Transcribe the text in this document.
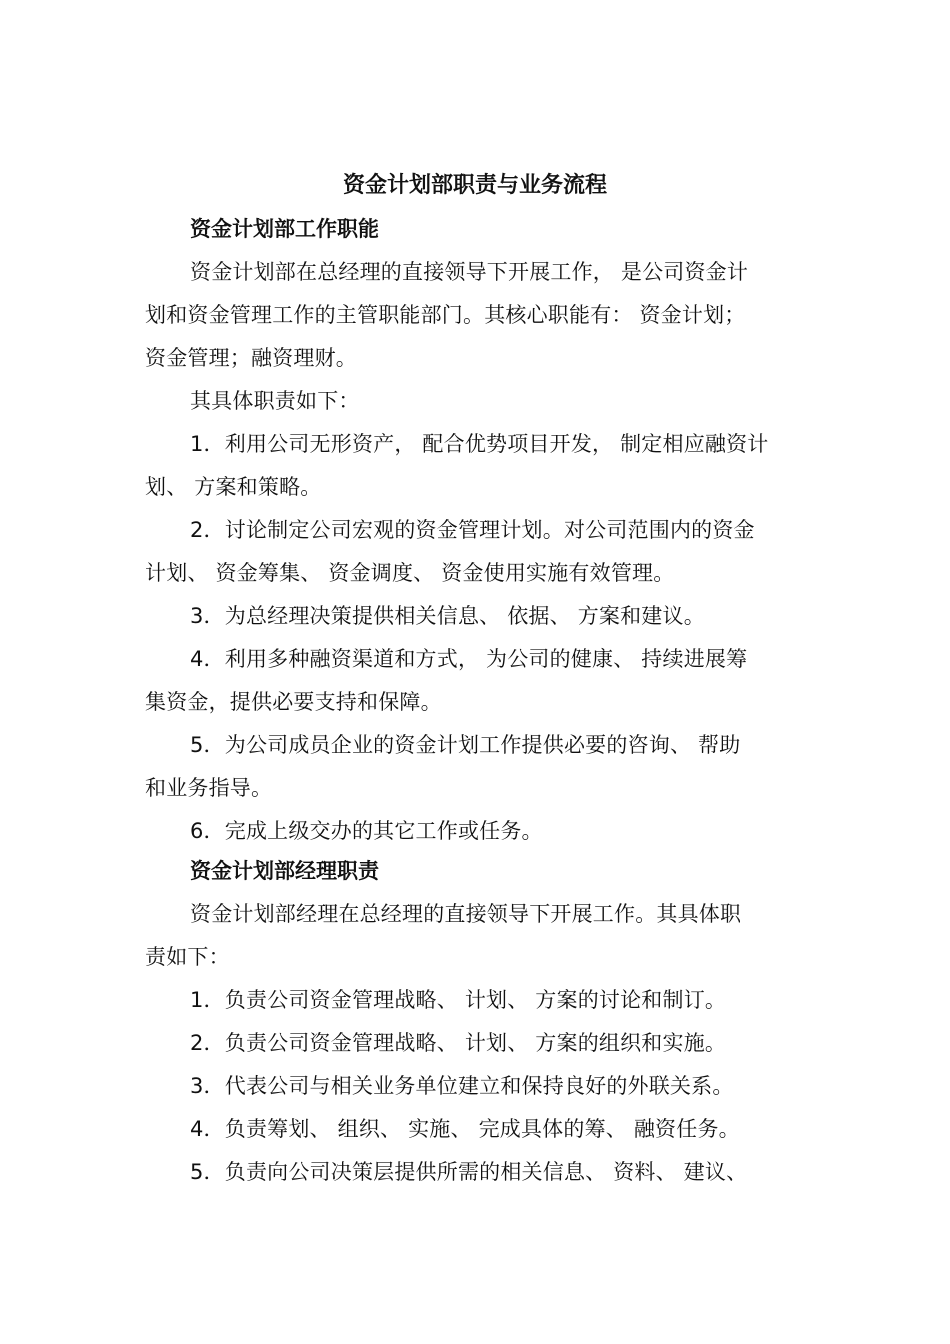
资金计划部职责与业务流程
资金计划部工作职能
资金计划部在总经理的直接领导下开展工作， 是公司资金计
划和资金管理工作的主管职能部门。其核心职能有： 资金计划；
资金管理；融资理财。
其具体职责如下：
1．利用公司无形资产， 配合优势项目开发， 制定相应融资计
划、 方案和策略。
2．讨论制定公司宏观的资金管理计划。对公司范围内的资金
计划、 资金筹集、 资金调度、 资金使用实施有效管理。
3．为总经理决策提供相关信息、 依据、 方案和建议。
4．利用多种融资渠道和方式， 为公司的健康、 持续进展筹
集资金，提供必要支持和保障。
5．为公司成员企业的资金计划工作提供必要的咨询、 帮助
和业务指导。
6．完成上级交办的其它工作或任务。
资金计划部经理职责
资金计划部经理在总经理的直接领导下开展工作。其具体职
责如下：
1．负责公司资金管理战略、 计划、 方案的讨论和制订。
2．负责公司资金管理战略、 计划、 方案的组织和实施。
3．代表公司与相关业务单位建立和保持良好的外联关系。
4．负责筹划、 组织、 实施、 完成具体的筹、 融资任务。
5．负责向公司决策层提供所需的相关信息、 资料、 建议、
